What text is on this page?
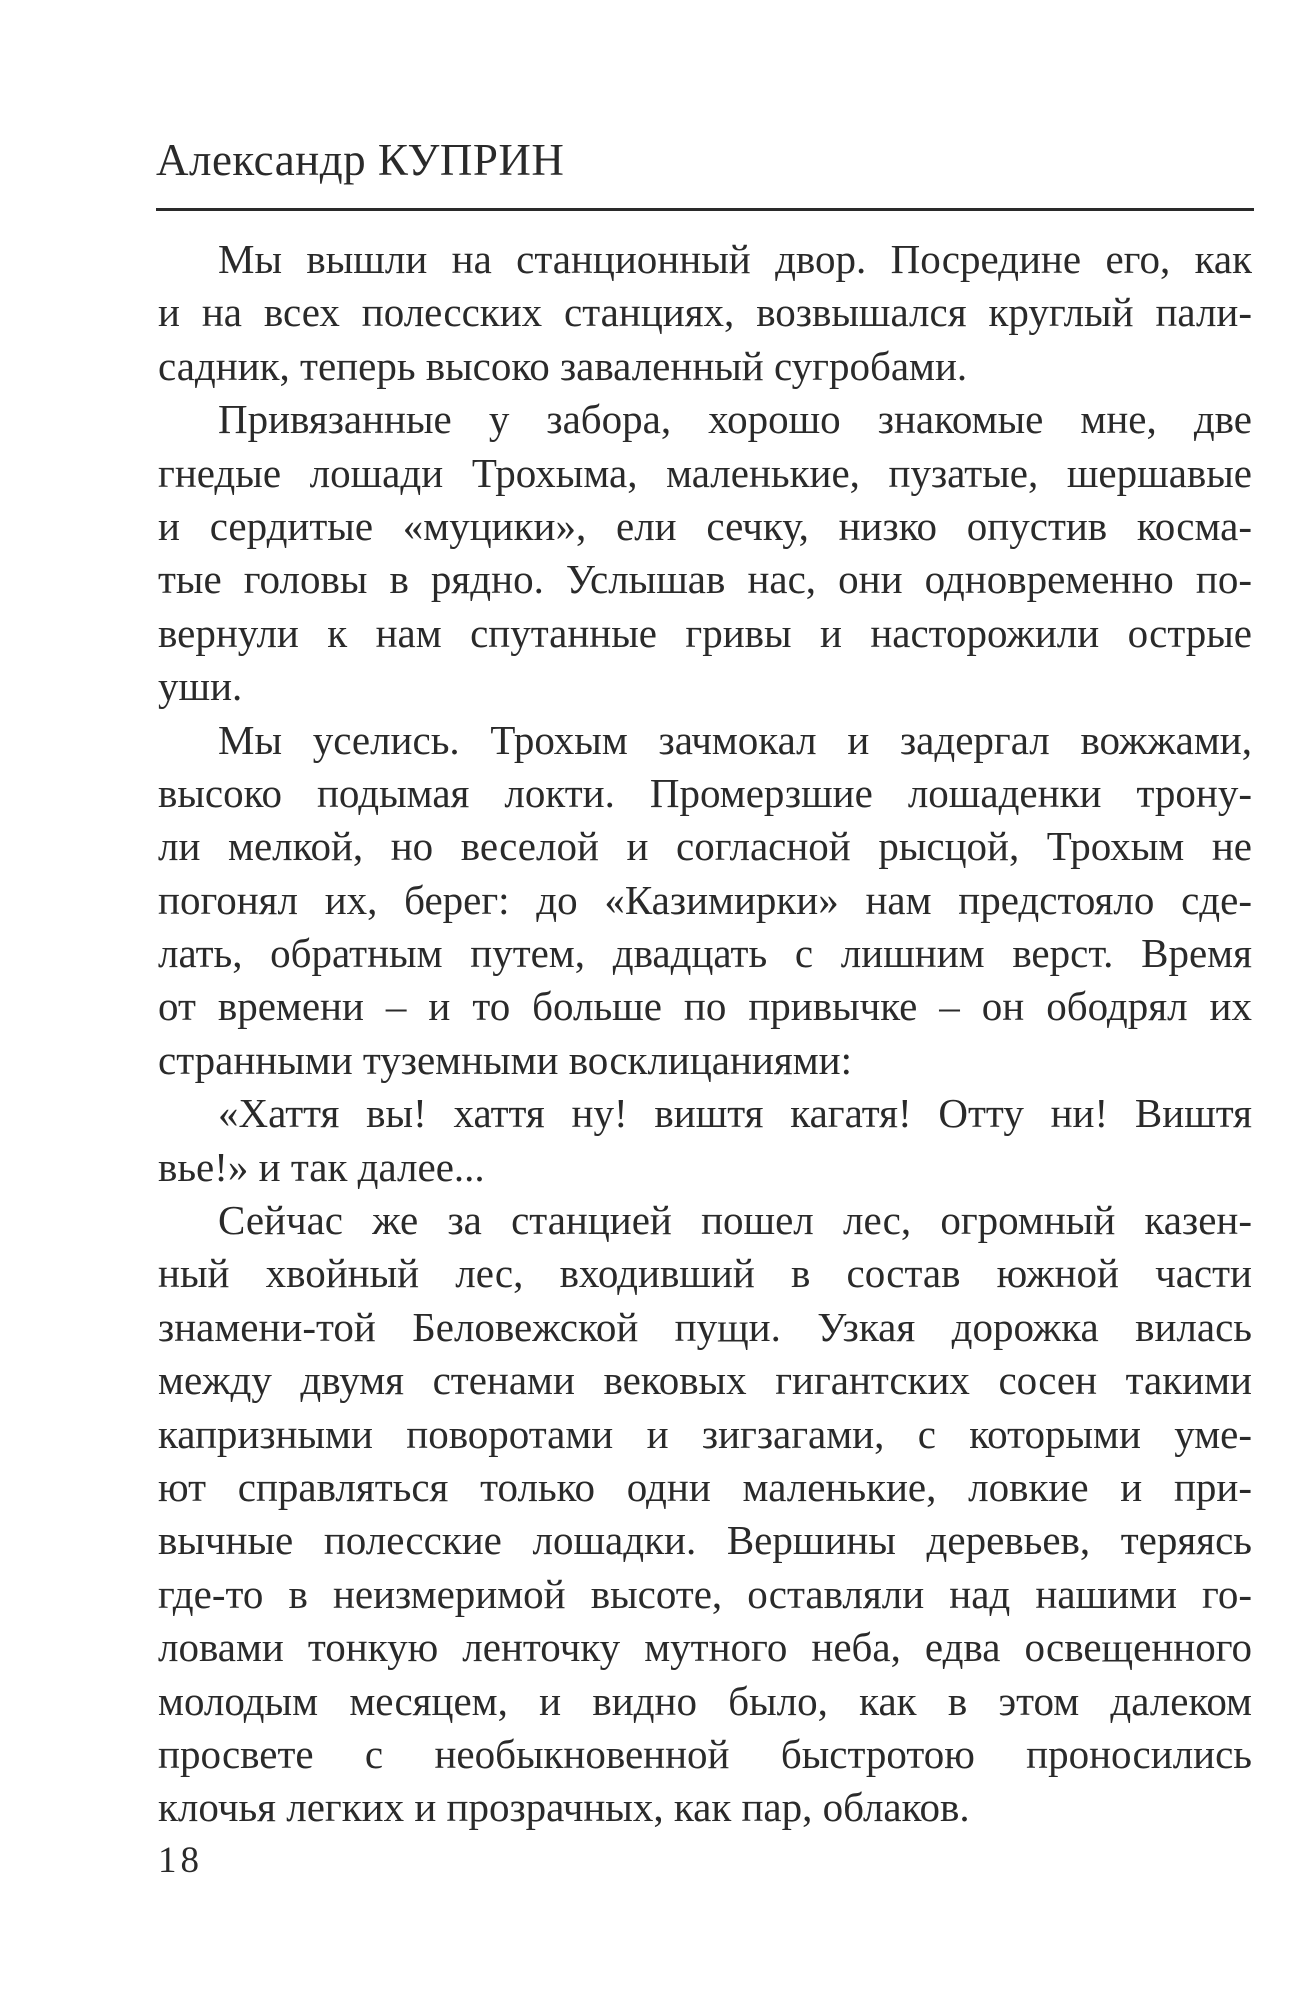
Александр КУПРИН
Мы вышли на станционный двор. Посредине его, как
и на всех полесских станциях, возвышался круглый пали-
садник, теперь высоко заваленный сугробами.
Привязанные у забора, хорошо знакомые мне, две
гнедые лошади Трохыма, маленькие, пузатые, шершавые
и сердитые «муцики», ели сечку, низко опустив косма-
тые головы в рядно. Услышав нас, они одновременно по-
вернули к нам спутанные гривы и насторожили острые
уши.
Мы уселись. Трохым зачмокал и задергал вожжами,
высоко подымая локти. Промерзшие лошаденки трону-
ли мелкой, но веселой и согласной рысцой, Трохым не
погонял их, берег: до «Казимирки» нам предстояло сде-
лать, обратным путем, двадцать с лишним верст. Время
от времени – и то больше по привычке – он ободрял их
странными туземными восклицаниями:
«Хаття вы! хаття ну! виштя кагатя! Отту ни! Виштя
вье!» и так далее...
Сейчас же за станцией пошел лес, огромный казен-
ный хвойный лес, входивший в состав южной части
знамени-той Беловежской пущи. Узкая дорожка вилась
между двумя стенами вековых гигантских сосен такими
капризными поворотами и зигзагами, с которыми уме-
ют справляться только одни маленькие, ловкие и при-
вычные полесские лошадки. Вершины деревьев, теряясь
где-то в неизмеримой высоте, оставляли над нашими го-
ловами тонкую ленточку мутного неба, едва освещенного
молодым месяцем, и видно было, как в этом далеком
просвете с необыкновенной быстротою проносились
клочья легких и прозрачных, как пар, облаков.
18
